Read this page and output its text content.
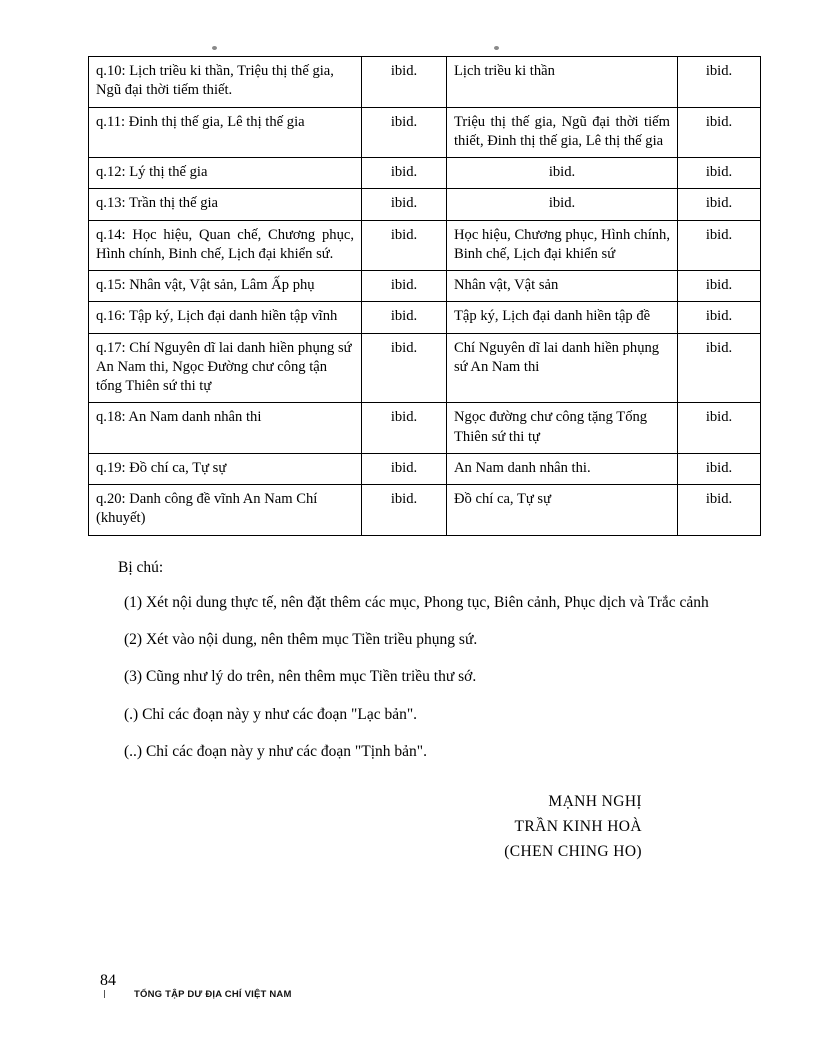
q.10: Lịch triều ki thần, Triệu thị thế gia, Ngũ đại thời tiếm thiết.	ibid.	Lịch triều ki thần	ibid.
q.11: Đinh thị thế gia, Lê thị thế gia	ibid.	Triệu thị thế gia, Ngũ đại thời tiếm thiết, Đinh thị thế gia, Lê thị thế gia	ibid.
q.12: Lý thị thế gia	ibid.	ibid.	ibid.
q.13: Trần thị thế gia	ibid.	ibid.	ibid.
q.14: Học hiệu, Quan chế, Chương phục, Hình chính, Binh chế, Lịch đại khiển sứ.	ibid.	Học hiệu, Chương phục, Hình chính, Binh chế, Lịch đại khiển sứ	ibid.
q.15: Nhân vật, Vật sản, Lâm Ấp phụ	ibid.	Nhân vật, Vật sản	ibid.
q.16: Tập ký, Lịch đại danh hiền tập vĩnh	ibid.	Tập ký, Lịch đại danh hiền tập đề	ibid.
q.17: Chí Nguyên dĩ lai danh hiền phụng sứ An Nam thi, Ngọc Đường chư công tận tống Thiên sứ thi tự	ibid.	Chí Nguyên dĩ lai danh hiền phụng sứ An Nam thi	ibid.
q.18: An Nam danh nhân thi	ibid.	Ngọc đường chư công tặng Tống Thiên sứ thi tự	ibid.
q.19: Đồ chí ca, Tự sự	ibid.	An Nam danh nhân thi.	ibid.
q.20: Danh công đề vĩnh An Nam Chí (khuyết)	ibid.	Đồ chí ca, Tự sự	ibid.

Bị chú:

(1) Xét nội dung thực tế, nên đặt thêm các mục, Phong tục, Biên cảnh, Phục dịch và Trắc cảnh

(2) Xét vào nội dung, nên thêm mục Tiền triều phụng sứ.

(3) Cũng như lý do trên, nên thêm mục Tiền triều thư sớ.

(.) Chỉ các đoạn này y như các đoạn "Lạc bản".

(..) Chỉ các đoạn này y như các đoạn "Tịnh bản".

MẠNH NGHỊ
TRẦN KINH HOÀ
(CHEN CHING HO)

84

TỔNG TẬP DƯ ĐỊA CHÍ VIỆT NAM
